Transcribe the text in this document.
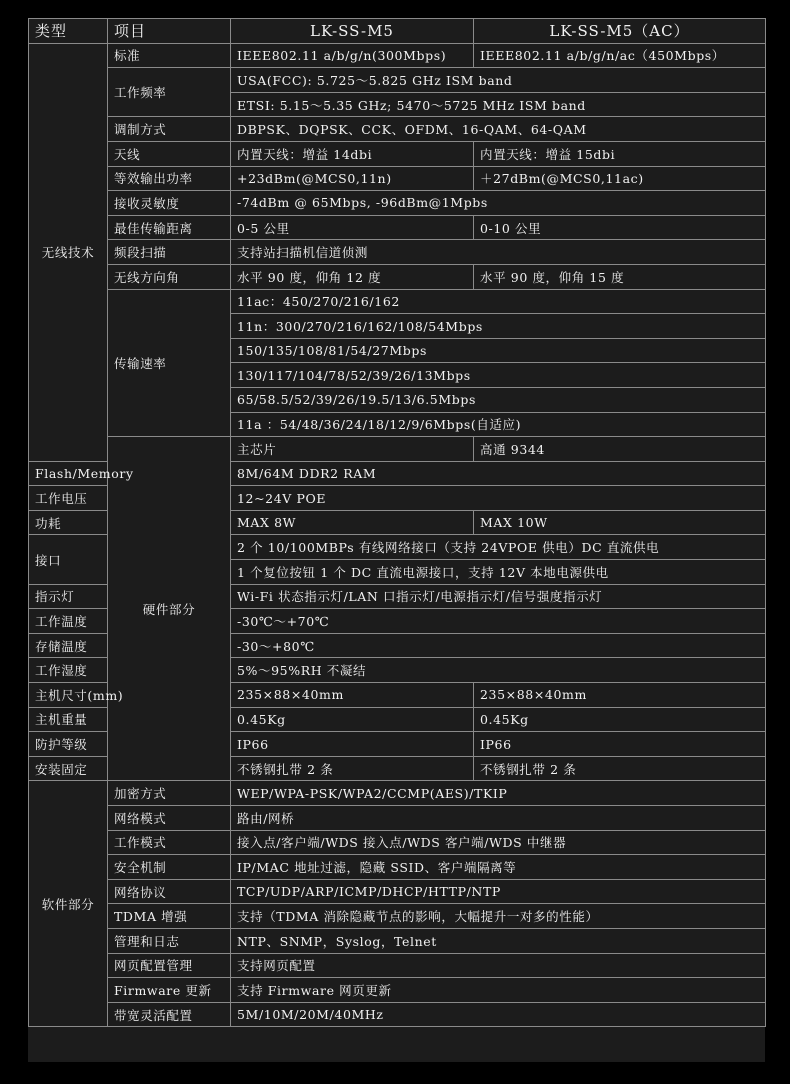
类型	项目	LK-SS-M5	LK-SS-M5（AC）
无线技术	标准	IEEE802.11 a/b/g/n(300Mbps)	IEEE802.11 a/b/g/n/ac（450Mbps）
	工作频率	USA(FCC): 5.725～5.825 GHz ISM band	
		ETSI: 5.15～5.35 GHz; 5470～5725 MHz ISM band	
	调制方式	DBPSK、DQPSK、CCK、OFDM、16-QAM、64-QAM	
	天线	内置天线：增益 14dbi	内置天线：增益 15dbi
	等效输出功率	+23dBm(@MCS0,11n)	＋27dBm(@MCS0,11ac)
	接收灵敏度	-74dBm @ 65Mbps, -96dBm@1Mpbs	
	最佳传输距离	0-5 公里	0-10 公里
	频段扫描	支持站扫描机信道侦测	
	无线方向角	水平 90 度，仰角 12 度	水平 90 度，仰角 15 度
	传输速率	11ac：450/270/216/162	
		11n：300/270/216/162/108/54Mbps	
		150/135/108/81/54/27Mbps	
		130/117/104/78/52/39/26/13Mbps	
		65/58.5/52/39/26/19.5/13/6.5Mbps	
		11a ：54/48/36/24/18/12/9/6Mbps(自适应)	
	硬件部分	主芯片	高通 9344
Flash/Memory		8M/64M DDR2 RAM	
工作电压		12~24V POE	
功耗		MAX 8W	MAX 10W
接口		2 个 10/100MBPs 有线网络接口（支持 24VPOE 供电）DC 直流供电	
		1 个复位按钮 1 个 DC 直流电源接口，支持 12V 本地电源供电	
指示灯		Wi-Fi 状态指示灯/LAN 口指示灯/电源指示灯/信号强度指示灯	
工作温度		-30℃～+70℃	
存储温度		-30～+80℃	
工作湿度		5%～95%RH 不凝结	
主机尺寸(mm)		235×88×40mm	235×88×40mm
主机重量		0.45Kg	0.45Kg
防护等级		IP66	IP66
安装固定		不锈钢扎带 2 条	不锈钢扎带 2 条
软件部分	加密方式	WEP/WPA-PSK/WPA2/CCMP(AES)/TKIP	
	网络模式	路由/网桥	
	工作模式	接入点/客户端/WDS 接入点/WDS 客户端/WDS 中继器	
	安全机制	IP/MAC 地址过滤，隐藏 SSID、客户端隔离等	
	网络协议	TCP/UDP/ARP/ICMP/DHCP/HTTP/NTP	
	TDMA 增强	支持（TDMA 消除隐藏节点的影响，大幅提升一对多的性能）	
	管理和日志	NTP、SNMP，Syslog，Telnet	
	网页配置管理	支持网页配置	
	Firmware 更新	支持 Firmware 网页更新	
	带宽灵活配置	5M/10M/20M/40MHz	
